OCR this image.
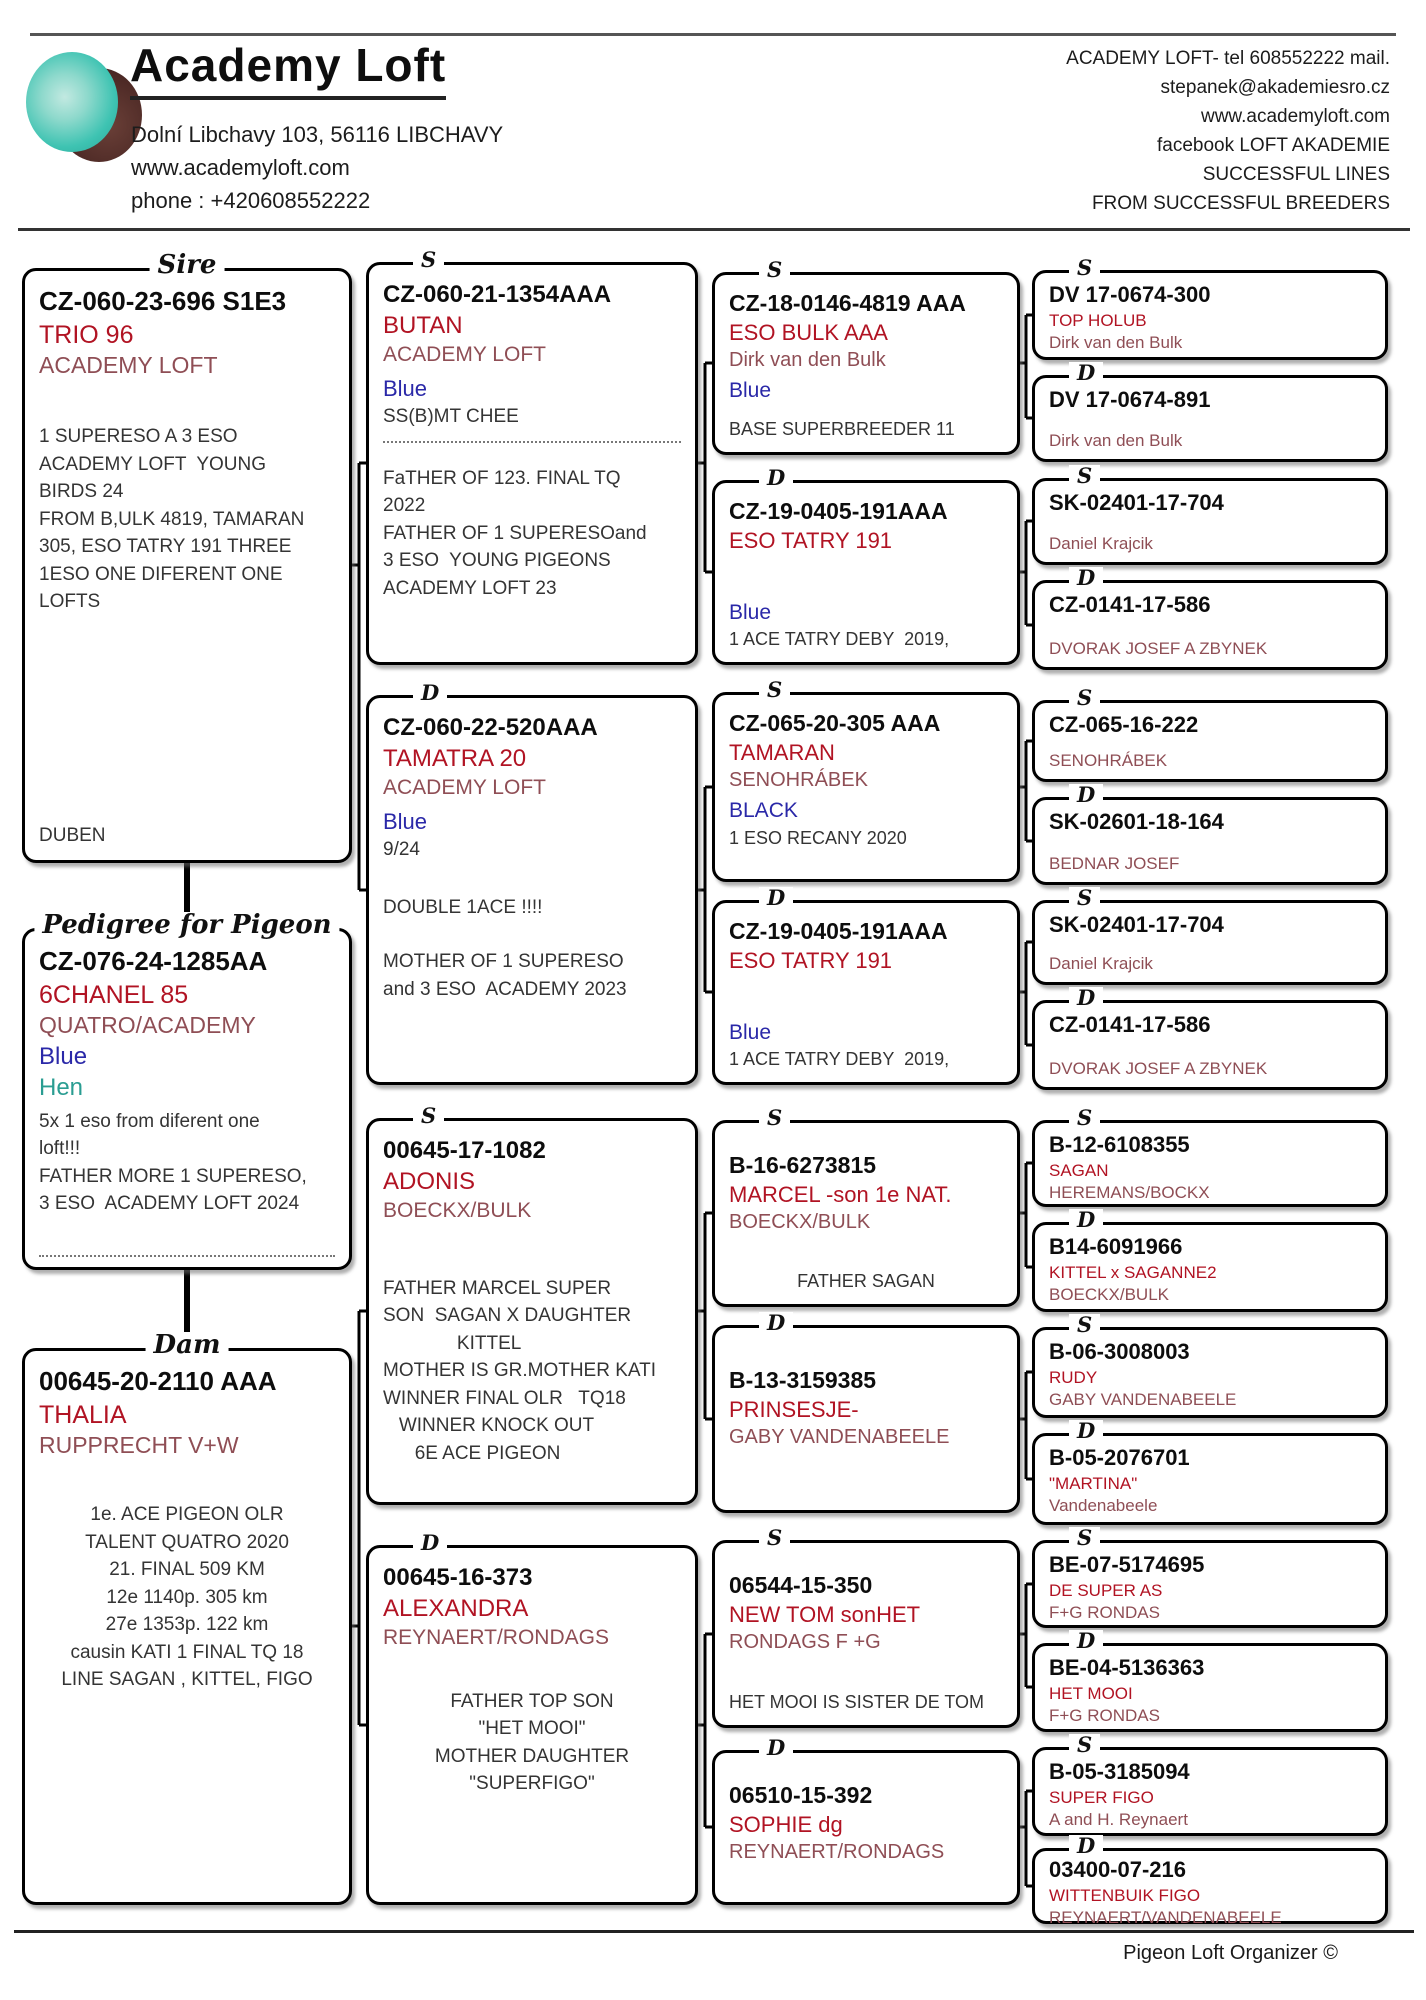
Academy Loft
Dolní Libchavy 103, 56116 LIBCHAVY
www.academyloft.com
phone : +420608552222
ACADEMY LOFT- tel 608552222 mail.
stepanek@akademiesro.cz
www.academyloft.com
facebook LOFT AKADEMIE
SUCCESSFUL LINES
FROM SUCCESSFUL BREEDERS
Sire
CZ-060-23-696 S1E3
TRIO 96
ACADEMY LOFT
1 SUPERESO A 3 ESO
ACADEMY LOFT  YOUNG
BIRDS 24
FROM B,ULK 4819, TAMARAN
305, ESO TATRY 191 THREE
1ESO ONE DIFERENT ONE
LOFTS
DUBEN
Pedigree for Pigeon
CZ-076-24-1285AA
6CHANEL 85
QUATRO/ACADEMY
Blue
Hen
5x 1 eso from diferent one
loft!!!
FATHER MORE 1 SUPERESO,
3 ESO  ACADEMY LOFT 2024
Dam
00645-20-2110 AAA
THALIA
RUPPRECHT V+W
1e. ACE PIGEON OLR
TALENT QUATRO 2020
21. FINAL 509 KM
12e 1140p. 305 km
27e 1353p. 122 km
causin KATI 1 FINAL TQ 18
LINE SAGAN , KITTEL, FIGO
S
CZ-060-21-1354AAA
BUTAN
ACADEMY LOFT
Blue
SS(B)MT CHEE
FaTHER OF 123. FINAL TQ
2022
FATHER OF 1 SUPERESOand
3 ESO  YOUNG PIGEONS
ACADEMY LOFT 23
D
CZ-060-22-520AAA
TAMATRA 20
ACADEMY LOFT
Blue
9/24
DOUBLE 1ACE !!!!
MOTHER OF 1 SUPERESO
and 3 ESO  ACADEMY 2023
S
00645-17-1082
ADONIS
BOECKX/BULK
FATHER MARCEL SUPER
SON  SAGAN X DAUGHTER
KITTEL
MOTHER IS GR.MOTHER KATI
WINNER FINAL OLR   TQ18
WINNER KNOCK OUT
6E ACE PIGEON
D
00645-16-373
ALEXANDRA
REYNAERT/RONDAGS
FATHER TOP SON
"HET MOOI"
MOTHER DAUGHTER
"SUPERFIGO"
S
CZ-18-0146-4819 AAA
ESO BULK AAA
Dirk van den Bulk
Blue
BASE SUPERBREEDER 11
D
CZ-19-0405-191AAA
ESO TATRY 191
Blue
1 ACE TATRY DEBY  2019,
S
CZ-065-20-305 AAA
TAMARAN
SENOHRÁBEK
BLACK
1 ESO RECANY 2020
D
CZ-19-0405-191AAA
ESO TATRY 191
Blue
1 ACE TATRY DEBY  2019,
S
B-16-6273815
MARCEL -son 1e NAT.
BOECKX/BULK
FATHER SAGAN
D
B-13-3159385
PRINSESJE-
GABY VANDENABEELE
S
06544-15-350
NEW TOM sonHET
RONDAGS F +G
HET MOOI IS SISTER DE TOM
D
06510-15-392
SOPHIE dg
REYNAERT/RONDAGS
S
DV 17-0674-300
TOP HOLUB
Dirk van den Bulk
D
DV 17-0674-891
Dirk van den Bulk
S
SK-02401-17-704
Daniel Krajcik
D
CZ-0141-17-586
DVORAK JOSEF A ZBYNEK
S
CZ-065-16-222
SENOHRÁBEK
D
SK-02601-18-164
BEDNAR JOSEF
S
SK-02401-17-704
Daniel Krajcik
D
CZ-0141-17-586
DVORAK JOSEF A ZBYNEK
S
B-12-6108355
SAGAN
HEREMANS/BOCKX
D
B14-6091966
KITTEL x SAGANNE2
BOECKX/BULK
S
B-06-3008003
RUDY
GABY VANDENABEELE
D
B-05-2076701
"MARTINA"
Vandenabeele
S
BE-07-5174695
DE SUPER AS
F+G RONDAS
D
BE-04-5136363
HET MOOI
F+G RONDAS
S
B-05-3185094
SUPER FIGO
A and H. Reynaert
D
03400-07-216
WITTENBUIK FIGO
REYNAERT/VANDENABEELE
Pigeon Loft Organizer ©
